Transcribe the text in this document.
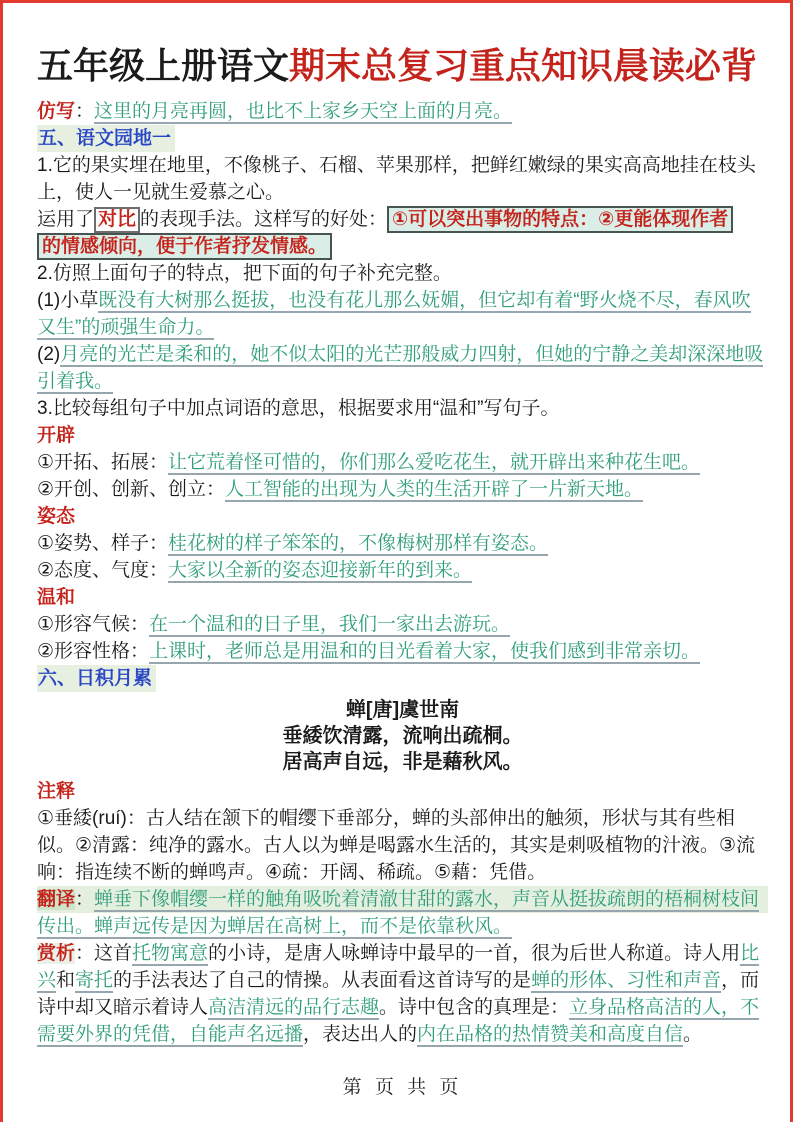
五年级上册语文期末总复习重点知识晨读必背

仿写：这里的月亮再圆，也比不上家乡天空上面的月亮。

五、语文园地一

1.它的果实埋在地里，不像桃子、石榴、苹果那样，把鲜红嫩绿的果实高高地挂在枝头上，使人一见就生爱慕之心。

运用了 对比 的表现手法。这样写的好处： ①可以突出事物的特点：②更能体现作者
的情感倾向，便于作者抒发情感。

2.仿照上面句子的特点，把下面的句子补充完整。

(1)小草既没有大树那么挺拔，也没有花儿那么妩媚，但它却有着“野火烧不尽，春风吹又生”的顽强生命力。

(2)月亮的光芒是柔和的，她不似太阳的光芒那般威力四射，但她的宁静之美却深深地吸引着我。

3.比较每组句子中加点词语的意思，根据要求用“温和”写句子。

开辟

①开拓、拓展：让它荒着怪可惜的，你们那么爱吃花生，就开辟出来种花生吧。

②开创、创新、创立：人工智能的出现为人类的生活开辟了一片新天地。

姿态

①姿势、样子：桂花树的样子笨笨的，不像梅树那样有姿态。

②态度、气度：大家以全新的姿态迎接新年的到来。

温和

①形容气候：在一个温和的日子里，我们一家出去游玩。

②形容性格：上课时，老师总是用温和的目光看着大家，使我们感到非常亲切。

六、日积月累

蝉[唐]虞世南
垂緌饮清露，流响出疏桐。
居高声自远，非是藉秋风。

注释

①垂緌(ruí)：古人结在颔下的帽缨下垂部分，蝉的头部伸出的触须，形状与其有些相似。②清露：纯净的露水。古人以为蝉是喝露水生活的，其实是刺吸植物的汁液。③流响：指连续不断的蝉鸣声。④疏：开阔、稀疏。⑤藉：凭借。

翻译：蝉垂下像帽缨一样的触角吸吮着清澈甘甜的露水，声音从挺拔疏朗的梧桐树枝间传出。蝉声远传是因为蝉居在高树上，而不是依靠秋风。

赏析：这首托物寓意的小诗，是唐人咏蝉诗中最早的一首，很为后世人称道。诗人用比兴和寄托的手法表达了自己的情操。从表面看这首诗写的是蝉的形体、习性和声音，而诗中却又暗示着诗人高洁清远的品行志趣。诗中包含的真理是：立身品格高洁的人，不需要外界的凭借，自能声名远播，表达出人的内在品格的热情赞美和高度自信。

第 页 共 页
